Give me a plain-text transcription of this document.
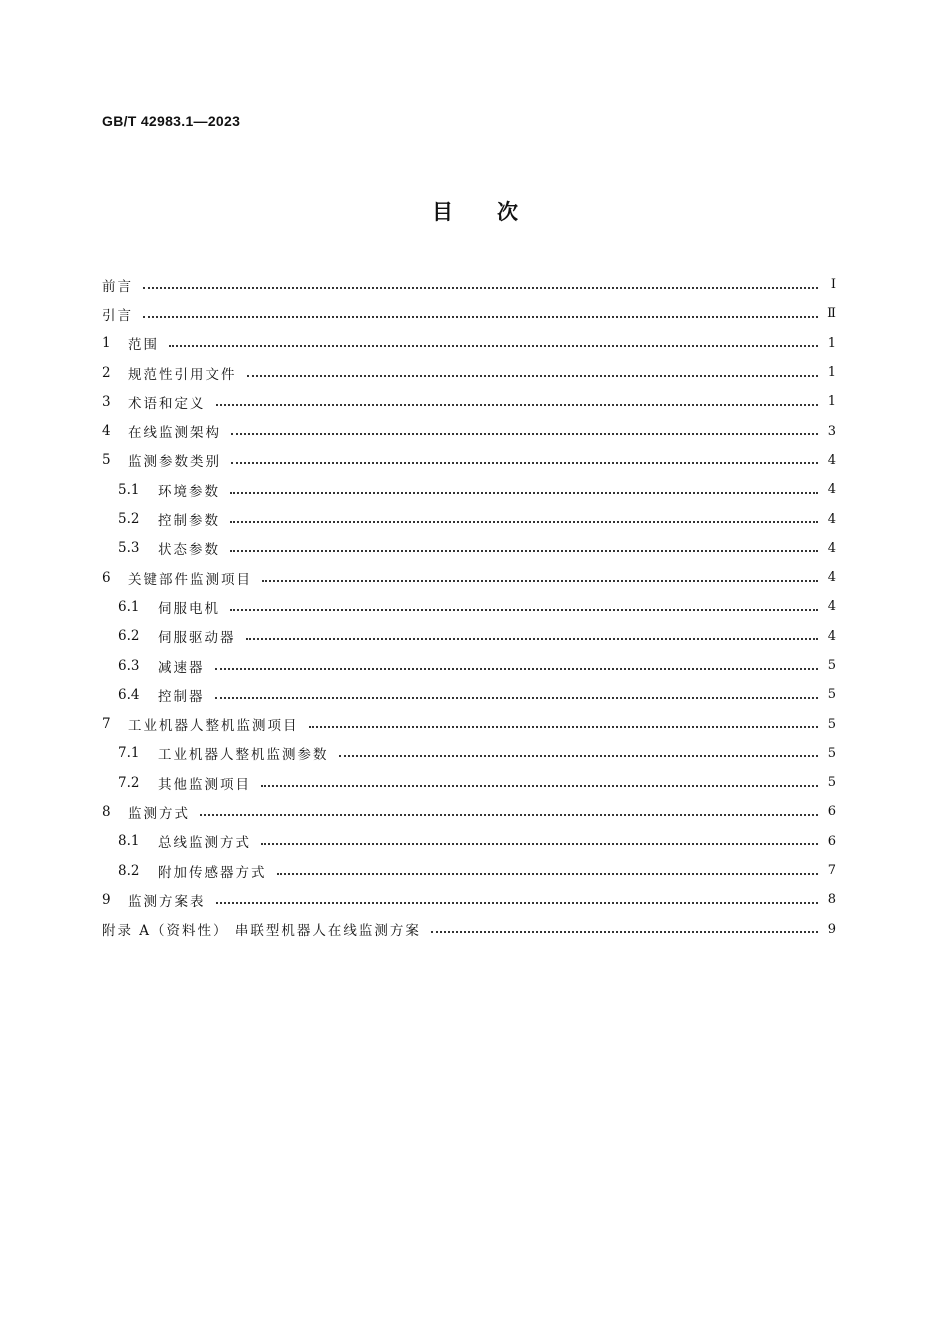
GB/T 42983.1—2023
目次
前言	Ⅰ
引言	Ⅱ
1	范围	1
2	规范性引用文件	1
3	术语和定义	1
4	在线监测架构	3
5	监测参数类别	4
5.1	环境参数	4
5.2	控制参数	4
5.3	状态参数	4
6	关键部件监测项目	4
6.1	伺服电机	4
6.2	伺服驱动器	4
6.3	减速器	5
6.4	控制器	5
7	工业机器人整机监测项目	5
7.1	工业机器人整机监测参数	5
7.2	其他监测项目	5
8	监测方式	6
8.1	总线监测方式	6
8.2	附加传感器方式	7
9	监测方案表	8
附录 A（资料性） 串联型机器人在线监测方案	9
